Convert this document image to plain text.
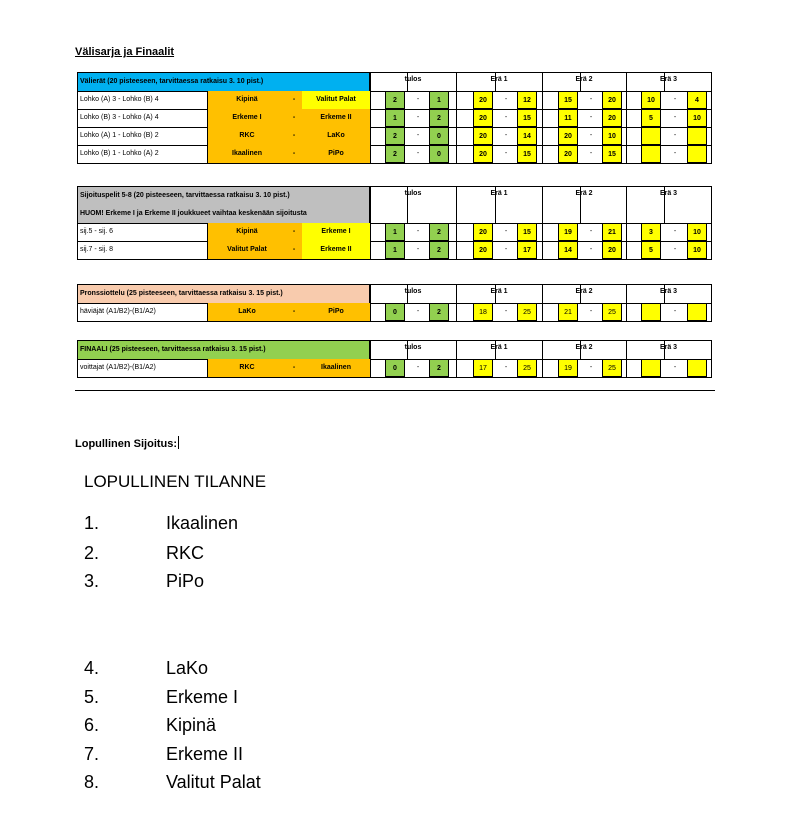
Välisarja ja Finaalit
Välierät (20 pisteeseen, tarvittaessa ratkaisu 3. 10 pist.)	tulos	Erä 1	Erä 2	Erä 3
Lohko (A) 3 - Lohko (B) 4	Kipinä	-	Valitut Palat	2	-	1	20	-	12	15	-	20	10	-	4
Lohko (B) 3 - Lohko (A) 4	Erkeme I	-	Erkeme II	1	-	2	20	-	15	11	-	20	5	-	10
Lohko (A) 1 - Lohko (B) 2	RKC	-	LaKo	2	-	0	20	-	14	20	-	10	-
Lohko (B) 1 - Lohko (A) 2	Ikaalinen	-	PiPo	2	-	0	20	-	15	20	-	15	-
Sijoituspelit 5-8 (20 pisteeseen, tarvittaessa ratkaisu 3. 10 pist.)
HUOM! Erkeme I ja Erkeme II joukkueet vaihtaa keskenään sijoitusta
tulos	Erä 1	Erä 2	Erä 3
sij.5 - sij. 6	Kipinä	-	Erkeme I	1	-	2	20	-	15	19	-	21	3	-	10
sij.7 - sij. 8	Valitut Palat	-	Erkeme II	1	-	2	20	-	17	14	-	20	5	-	10
Pronssiottelu (25 pisteeseen, tarvittaessa ratkaisu 3. 15 pist.)	tulos	Erä 1	Erä 2	Erä 3
häviäjät (A1/B2)-(B1/A2)	LaKo	-	PiPo	0	-	2	18	-	25	21	-	25	-
FINAALI (25 pisteeseen, tarvittaessa ratkaisu 3. 15 pist.)	tulos	Erä 1	Erä 2	Erä 3
voittajat (A1/B2)-(B1/A2)	RKC	-	Ikaalinen	0	-	2	17	-	25	19	-	25	-
Lopullinen Sijoitus:
LOPULLINEN TILANNE
1.	Ikaalinen
2.	RKC
3.	PiPo
4.	LaKo
5.	Erkeme I
6.	Kipinä
7.	Erkeme II
8.	Valitut Palat
